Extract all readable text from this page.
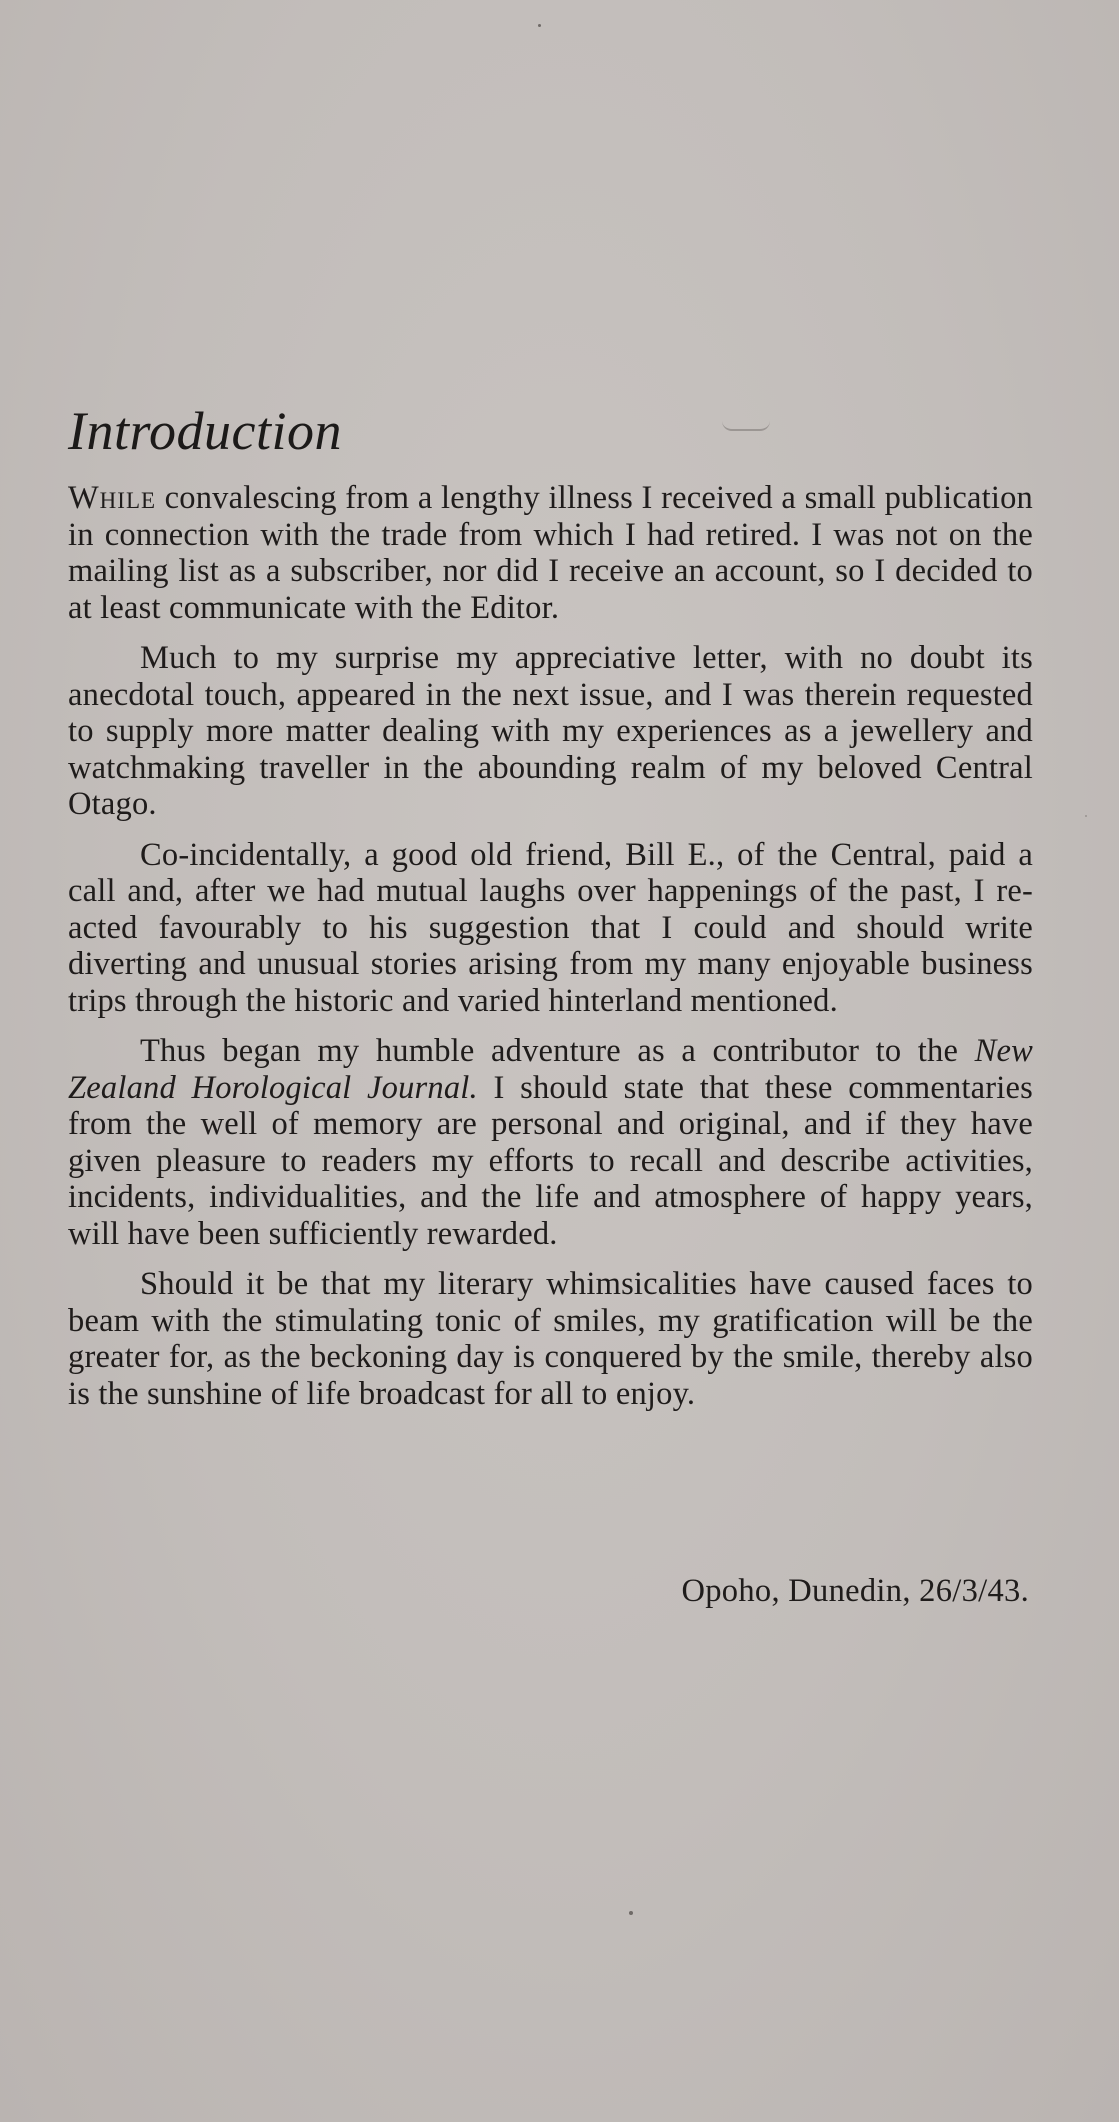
Introduction

While convalescing from a lengthy illness I received a small publication in connection with the trade from which I had retired. I was not on the mailing list as a subscriber, nor did I receive an account, so I decided to at least communicate with the Editor.

Much to my surprise my appreciative letter, with no doubt its anecdotal touch, appeared in the next issue, and I was therein requested to supply more matter dealing with my experiences as a jewellery and watchmaking traveller in the abounding realm of my beloved Central Otago.

Co-incidentally, a good old friend, Bill E., of the Central, paid a call and, after we had mutual laughs over happenings of the past, I re-acted favourably to his suggestion that I could and should write diverting and unusual stories arising from my many enjoyable business trips through the historic and varied hinterland mentioned.

Thus began my humble adventure as a contributor to the New Zealand Horological Journal. I should state that these commentaries from the well of memory are personal and original, and if they have given pleasure to readers my efforts to recall and describe activities, incidents, individualities, and the life and atmosphere of happy years, will have been sufficiently rewarded.

Should it be that my literary whimsicalities have caused faces to beam with the stimulating tonic of smiles, my gratification will be the greater for, as the beckoning day is conquered by the smile, thereby also is the sunshine of life broadcast for all to enjoy.

Opoho, Dunedin, 26/3/43.
